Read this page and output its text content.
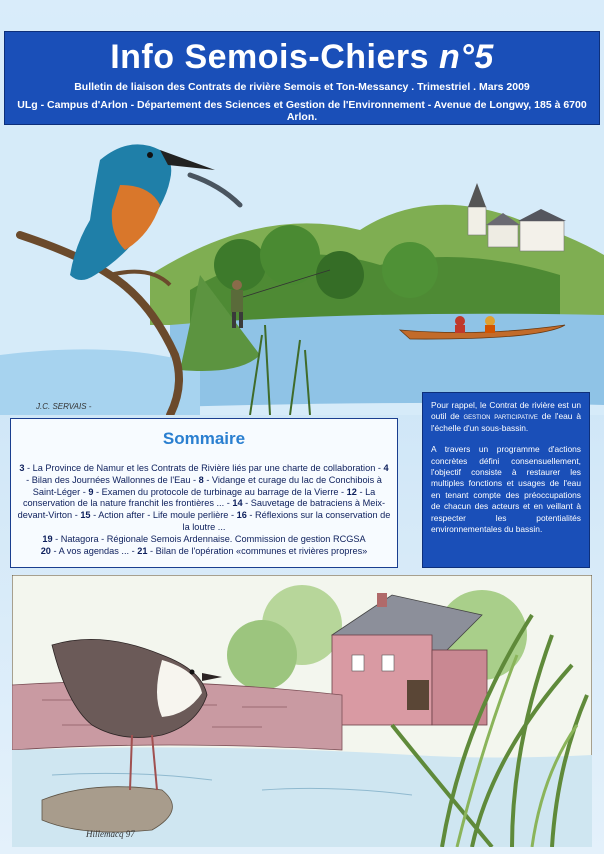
Info Semois-Chiers n°5
Bulletin de liaison des Contrats de rivière Semois et Ton-Messancy . Trimestriel . Mars 2009
ULg - Campus d'Arlon - Département des Sciences et Gestion de l'Environnement - Avenue de Longwy, 185 à 6700 Arlon.
J.C. SERVAIS -
Sommaire
3 - La Province de Namur et les Contrats de Rivière liés par une charte de collaboration - 4 - Bilan des Journées Wallonnes de l'Eau - 8 - Vidange et curage du lac de Conchibois à Saint-Léger - 9 - Examen du protocole de turbinage au barrage de la Vierre - 12 - La conservation de la nature franchit les frontières ... - 14 - Sauvetage de batraciens à Meix-devant-Virton - 15 - Action after - Life moule perlière - 16 - Réflexions sur la conservation de la loutre ...
19 - Natagora - Régionale Semois Ardennaise. Commission de gestion RCGSA
20 - A vos agendas ... - 21 - Bilan de l'opération «communes et rivières propres»

Pour rappel, le Contrat de rivière est un outil de gestion participative de l'eau à l'échelle d'un sous-bassin.

A travers un programme d'actions concrètes défini consensuellement, l'objectif consiste à restaurer les multiples fonctions et usages de l'eau en tenant compte des préoccupations de chacun des acteurs et en veillant à respecter les potentialités environnementales du bassin.

Hillemacq 97
